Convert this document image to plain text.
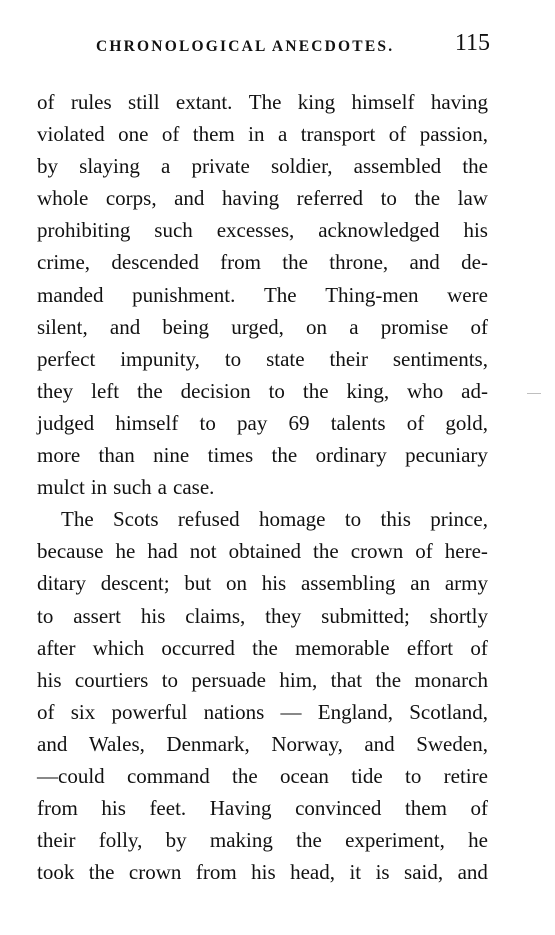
CHRONOLOGICAL ANECDOTES.	115
of rules still extant. The king himself having
violated one of them in a transport of passion,
by slaying a private soldier, assembled the
whole corps, and having referred to the law
prohibiting such excesses, acknowledged his
crime, descended from the throne, and de-
manded punishment. The Thing-men were
silent, and being urged, on a promise of
perfect impunity, to state their sentiments,
they left the decision to the king, who ad-
judged himself to pay 69 talents of gold,
more than nine times the ordinary pecuniary
mulct in such a case.
The Scots refused homage to this prince,
because he had not obtained the crown of here-
ditary descent; but on his assembling an army
to assert his claims, they submitted; shortly
after which occurred the memorable effort of
his courtiers to persuade him, that the monarch
of six powerful nations — England, Scotland,
and Wales, Denmark, Norway, and Sweden,
—could command the ocean tide to retire
from his feet. Having convinced them of
their folly, by making the experiment, he
took the crown from his head, it is said, and
